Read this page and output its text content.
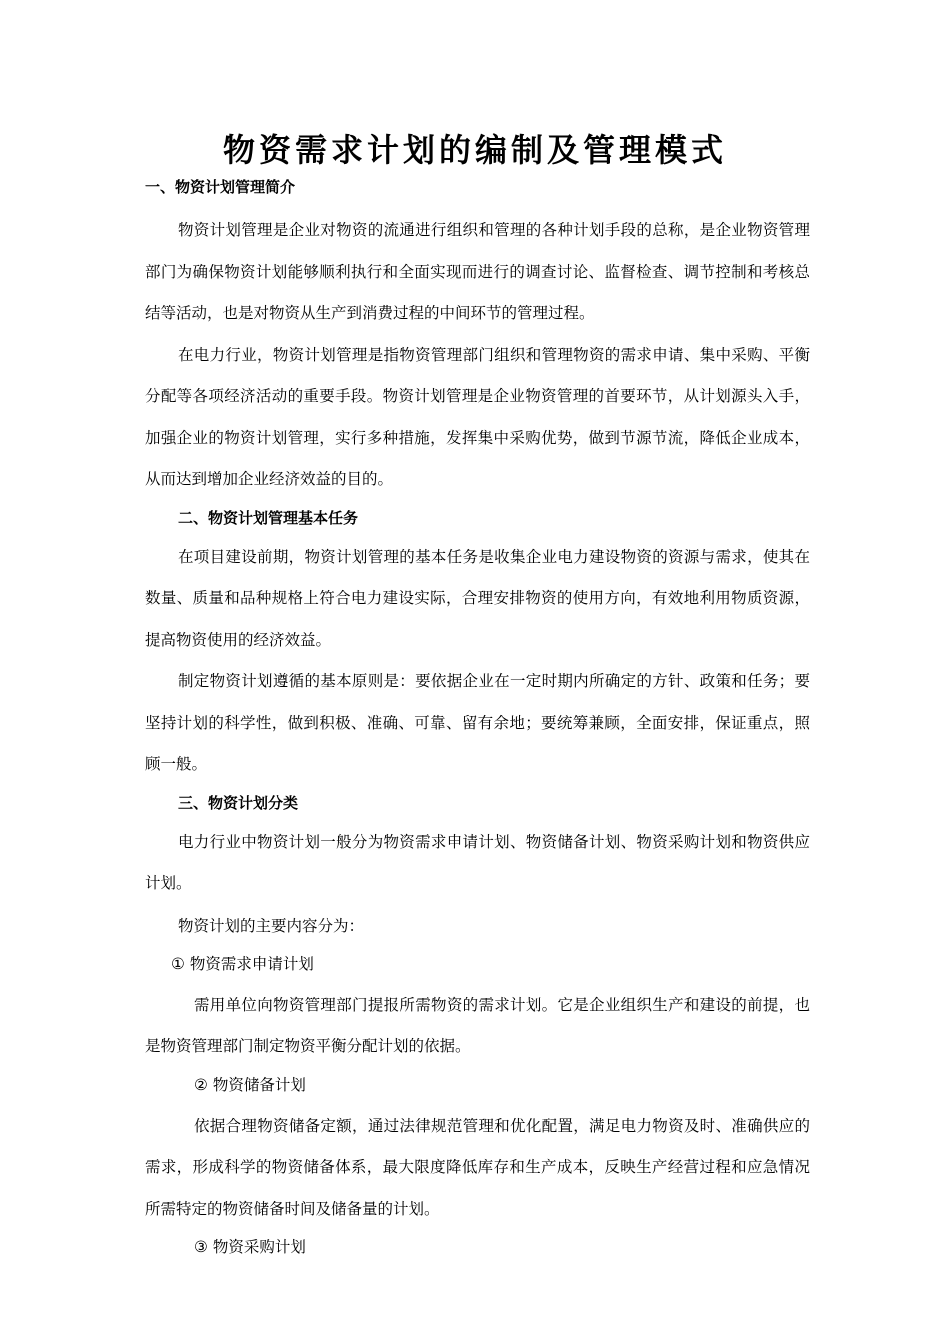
物资需求计划的编制及管理模式
一、物资计划管理简介

物资计划管理是企业对物资的流通进行组织和管理的各种计划手段的总称，是企业物资管理部门为确保物资计划能够顺利执行和全面实现而进行的调查讨论、监督检查、调节控制和考核总结等活动，也是对物资从生产到消费过程的中间环节的管理过程。

在电力行业，物资计划管理是指物资管理部门组织和管理物资的需求申请、集中采购、平衡分配等各项经济活动的重要手段。物资计划管理是企业物资管理的首要环节，从计划源头入手，加强企业的物资计划管理，实行多种措施，发挥集中采购优势，做到节源节流，降低企业成本，从而达到增加企业经济效益的目的。

二、物资计划管理基本任务

在项目建设前期，物资计划管理的基本任务是收集企业电力建设物资的资源与需求，使其在数量、质量和品种规格上符合电力建设实际，合理安排物资的使用方向，有效地利用物质资源，提高物资使用的经济效益。

制定物资计划遵循的基本原则是：要依据企业在一定时期内所确定的方针、政策和任务；要坚持计划的科学性，做到积极、准确、可靠、留有余地；要统筹兼顾，全面安排，保证重点，照顾一般。

三、物资计划分类

电力行业中物资计划一般分为物资需求申请计划、物资储备计划、物资采购计划和物资供应计划。

物资计划的主要内容分为：
① 物资需求申请计划

需用单位向物资管理部门提报所需物资的需求计划。它是企业组织生产和建设的前提，也是物资管理部门制定物资平衡分配计划的依据。

② 物资储备计划

依据合理物资储备定额，通过法律规范管理和优化配置，满足电力物资及时、准确供应的需求，形成科学的物资储备体系，最大限度降低库存和生产成本，反映生产经营过程和应急情况所需特定的物资储备时间及储备量的计划。

③ 物资采购计划
